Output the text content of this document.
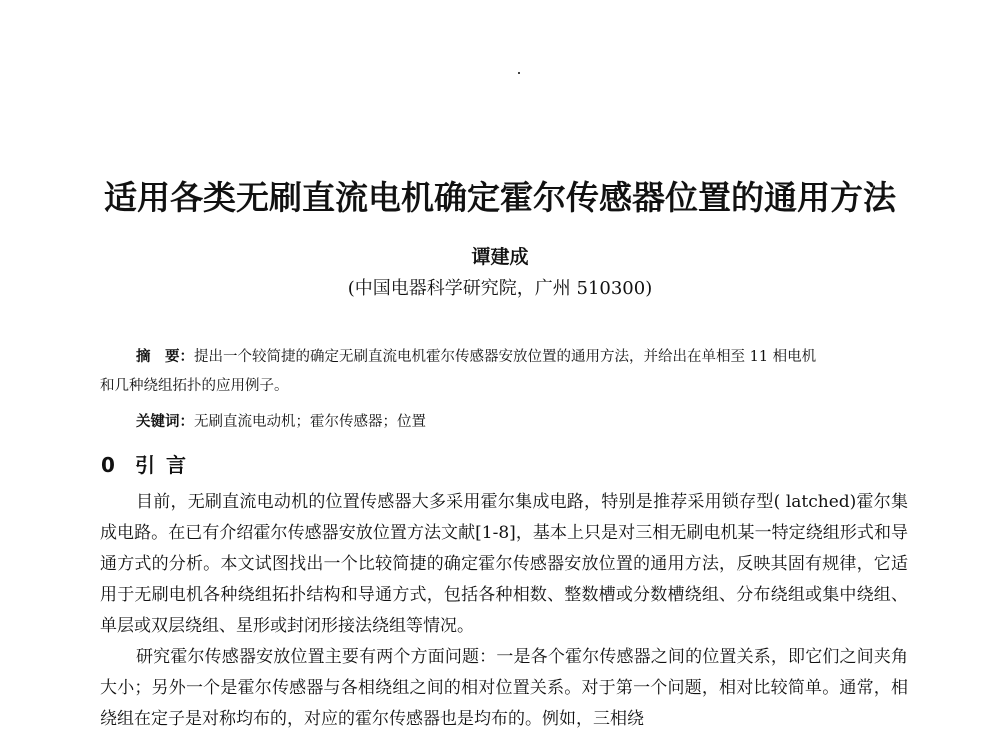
适用各类无刷直流电机确定霍尔传感器位置的通用方法
谭建成
(中国电器科学研究院，广州 510300)

摘　要：提出一个较简捷的确定无刷直流电机霍尔传感器安放位置的通用方法，并给出在单相至 11 相电机

和几种绕组拓扑的应用例子。

关键词：无刷直流电动机；霍尔传感器；位置
0 引 言

目前，无刷直流电动机的位置传感器大多采用霍尔集成电路，特别是推荐采用锁存型( latched)霍尔集成电路。在已有介绍霍尔传感器安放位置方法文献[1-8]，基本上只是对三相无刷电机某一特定绕组形式和导通方式的分析。本文试图找出一个比较简捷的确定霍尔传感器安放位置的通用方法，反映其固有规律，它适用于无刷电机各种绕组拓扑结构和导通方式，包括各种相数、整数槽或分数槽绕组、分布绕组或集中绕组、单层或双层绕组、星形或封闭形接法绕组等情况。

研究霍尔传感器安放位置主要有两个方面问题：一是各个霍尔传感器之间的位置关系，即它们之间夹角大小；另外一个是霍尔传感器与各相绕组之间的相对位置关系。对于第一个问题，相对比较简单。通常，相绕组在定子是对称均布的，对应的霍尔传感器也是均布的。例如，三相绕
